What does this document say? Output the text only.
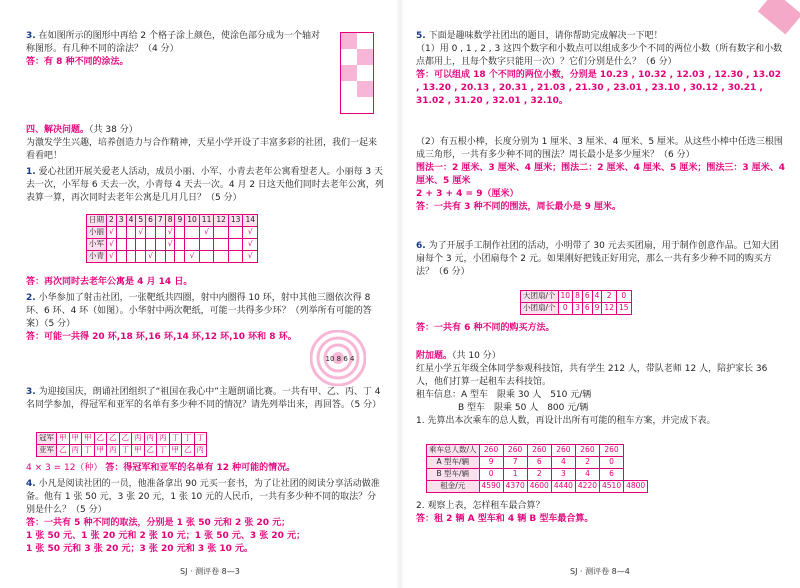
3. 在如图所示的图形中再给 2 个格子涂上颜色，使涂色部分成为一个轴对称图形。有几种不同的涂法？（4 分）
答：有 8 种不同的涂法。
四、解决问题。（共 38 分）
为激发学生兴趣，培养创造力与合作精神，天星小学开设了丰富多彩的社团，我们一起来看看吧！
1. 爱心社团开展关爱老人活动，成员小丽、小军、小青去老年公寓看望老人。小丽每 3 天去一次，小军每 6 天去一次，小青每 4 天去一次。4 月 2 日这天他们同时去老年公寓，列表算一算，再次同时去老年公寓是几月几日？（5 分）
日期	2	3	4	5	6	7	8	9	10	11	12	13	14
小丽	√			√			√			√			√
小军	√						√						√
小青	√				√				√				√
答：再次同时去老年公寓是 4 月 14 日。
2. 小华参加了射击社团，一张靶纸共四圈，射中内圈得 10 环，射中其他三圈依次得 8 环、6 环、4 环（如图）。小华射中两次靶纸，可能一共得多少环？（列举所有可能的答案）（5 分）
答：可能一共得 20 环,18 环,16 环,14 环,12 环,10 环和 8 环。
10 8 6 4
3. 为迎接国庆，朗诵社团组织了“祖国在我心中”主题朗诵比赛。一共有甲、乙、丙、丁 4 名同学参加，得冠军和亚军的名单有多少种不同的情况？请先列举出来，再回答。（5 分）
冠军	甲	甲	甲	乙	乙	乙	丙	丙	丙	丁	丁	丁
亚军	乙	丙	丁	甲	丙	丁	甲	乙	丁	甲	乙	丙
4 × 3 = 12（种） 答：得冠军和亚军的名单有 12 种可能的情况。
4. 小凡是阅读社团的一员，他准备拿出 90 元买一套书，为了让社团的阅读分享活动做准备。他有 1 张 50 元，3 张 20 元，1 张 10 元的人民币，一共有多少种不同的取法？分别是什么？（5 分）
答：一共有 5 种不同的取法，分别是 1 张 50 元和 2 张 20 元；
1 张 50 元、1 张 20 元和 2 张 10 元；1 张 50 元、3 张 20 元；
1 张 50 元和 3 张 20 元；3 张 20 元和 3 张 10 元。
SJ · 测评卷 8—3
5. 下面是趣味数学社团出的题目，请你帮助完成解决一下吧！
（1）用 0 , 1 , 2 , 3 这四个数字和小数点可以组成多少个不同的两位小数（所有数字和小数点都用上，且每个数字只能用一次）？它们分别是什么？（6 分）
答：可以组成 18 个不同的两位小数，分别是 10.23 , 10.32 , 12.03 , 12.30 , 13.02 , 13.20 , 20.13 , 20.31 , 21.03 , 21.30 , 23.01 , 23.10 , 30.12 , 30.21 , 31.02 , 31.20 , 32.01 , 32.10。
（2）有五根小棒，长度分别为 1 厘米、3 厘米、4 厘米、5 厘米。从这些小棒中任选三根围成三角形，一共有多少种不同的围法？周长最小是多少厘米？（6 分）
围法一：2 厘米、3 厘米、4 厘米；围法二：2 厘米、4 厘米、5 厘米；围法三：3 厘米、4 厘米、5 厘米
2 + 3 + 4 = 9（厘米）
答：一共有 3 种不同的围法，周长最小是 9 厘米。
6. 为了开展手工制作社团的活动，小明带了 30 元去买团扇，用于制作创意作品。已知大团扇每个 3 元，小团扇每个 2 元。如果刚好把钱正好用完，那么一共有多少种不同的购买方法？（6 分）
大团扇/个	10	8	6	4	2	0
小团扇/个	0	3	6	9	12	15
答：一共有 6 种不同的购买方法。
附加题。（共 10 分）
红星小学五年级全体同学参观科技馆，共有学生 212 人，带队老师 12 人，陪护家长 36 人，他们打算一起租车去科技馆。
租车信息：A 型车　限乘 30 人　510 元/辆
B 型车　限乘 50 人　800 元/辆
1. 先算出本次乘车的总人数，再设计出所有可能的租车方案，并完成下表。
乘车总人数/人	260	260	260	260	260	260	
A 型车/辆	9	7	6	4	2	0	
B 型车/辆	0	1	2	3	4	6	
租金/元	4590	4370	4600	4440	4220	4510	4800
2. 观察上表，怎样租车最合算？
答：租 2 辆 A 型车和 4 辆 B 型车最合算。
SJ · 测评卷 8—4
